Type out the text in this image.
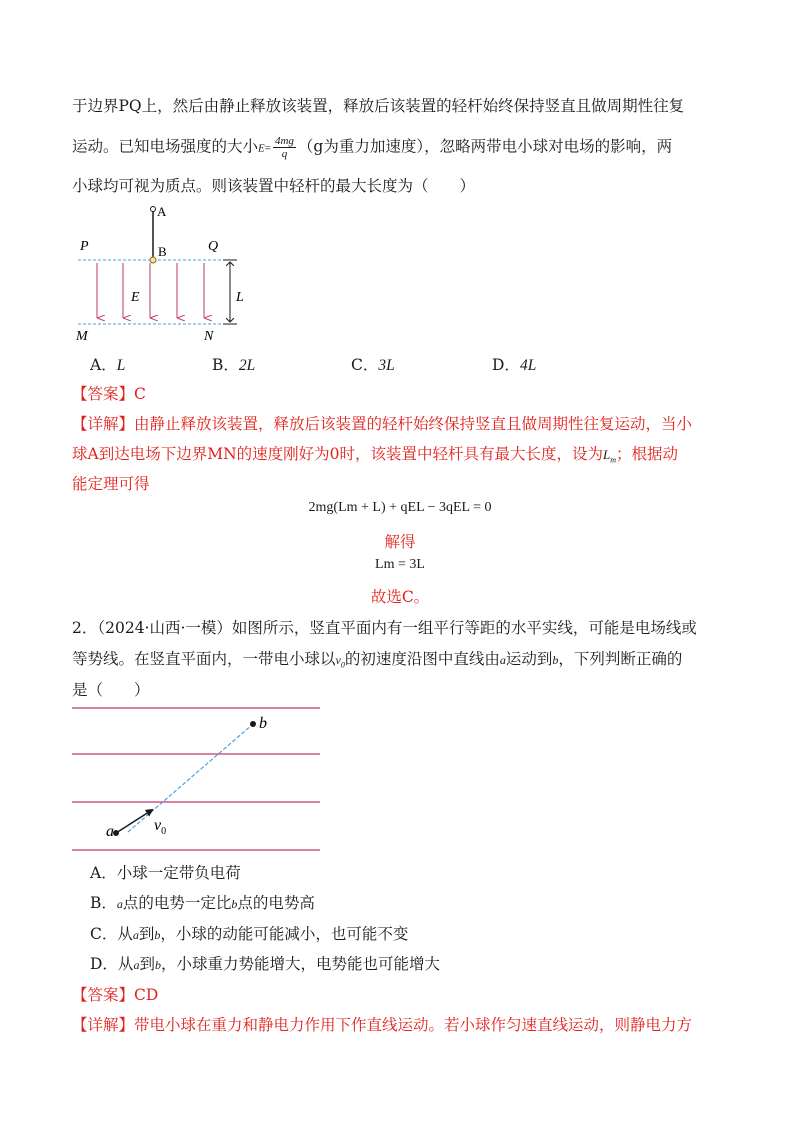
于边界PQ上，然后由静止释放该装置，释放后该装置的轻杆始终保持竖直且做周期性往复
运动。已知电场强度的大小$E= \frac{4mg}{q} (g$为重力加速度），忽略两带电小球对电场的影响，两
小球均可视为质点。则该装置中轻杆的最大长度为（　　）
A
B
P	Q
M	N
E	L
A．L	B．2L	C．3L	D．4L
【答案】C
【详解】由静止释放该装置，释放后该装置的轻杆始终保持竖直且做周期性往复运动，当小
球A到达电场下边界MN的速度刚好为0时，该装置中轻杆具有最大长度，设为$L_m$；根据动
能定理可得
2mg(Lm + L) + qEL − 3qEL = 0
解得
Lm = 3L
故选C。
2．（2024·山西·一模）如图所示，竖直平面内有一组平行等距的水平实线，可能是电场线或
等势线。在竖直平面内，一带电小球以$v_0$的初速度沿图中直线由a运动到b，下列判断正确的
是（　　）
a
b
$v_0$
A．小球一定带负电荷
B．a点的电势一定比b点的电势高
C．从a到b，小球的动能可能减小，也可能不变
D．从a到b，小球重力势能增大，电势能也可能增大
【答案】CD
【详解】带电小球在重力和静电力作用下作直线运动。若小球作匀速直线运动，则静电力方
